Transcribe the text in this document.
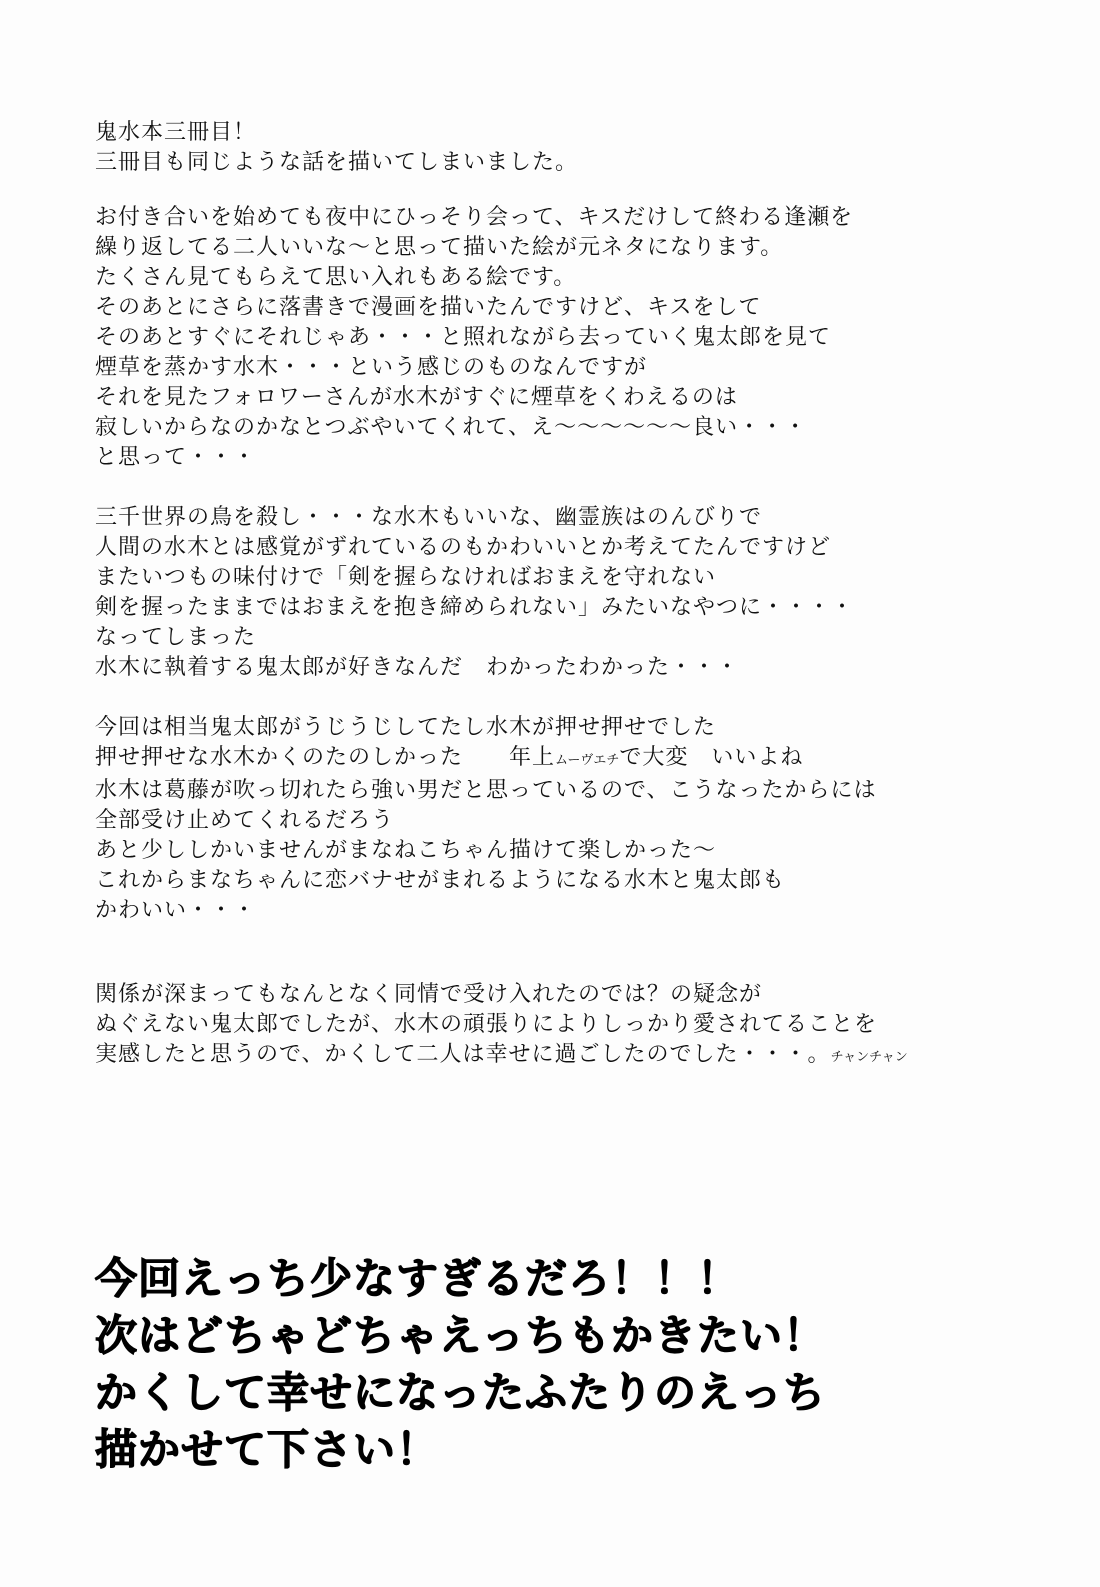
鬼水本三冊目！
三冊目も同じような話を描いてしまいました。
お付き合いを始めても夜中にひっそり会って、キスだけして終わる逢瀬を
繰り返してる二人いいな〜と思って描いた絵が元ネタになります。
たくさん見てもらえて思い入れもある絵です。
そのあとにさらに落書きで漫画を描いたんですけど、キスをして
そのあとすぐにそれじゃあ・・・と照れながら去っていく鬼太郎を見て
煙草を蒸かす水木・・・という感じのものなんですが
それを見たフォロワーさんが水木がすぐに煙草をくわえるのは
寂しいからなのかなとつぶやいてくれて、え〜〜〜〜〜〜良い・・・
と思って・・・
三千世界の鳥を殺し・・・な水木もいいな、幽霊族はのんびりで
人間の水木とは感覚がずれているのもかわいいとか考えてたんですけど
またいつもの味付けで「剣を握らなければおまえを守れない
剣を握ったままではおまえを抱き締められない」みたいなやつに・・・・
なってしまった
水木に執着する鬼太郎が好きなんだ　わかったわかった・・・
今回は相当鬼太郎がうじうじしてたし水木が押せ押せでした
押せ押せな水木かくのたのしかった　　年上ムーヴエチで大変　いいよね
水木は葛藤が吹っ切れたら強い男だと思っているので、こうなったからには
全部受け止めてくれるだろう
あと少ししかいませんがまなねこちゃん描けて楽しかった〜
これからまなちゃんに恋バナせがまれるようになる水木と鬼太郎も
かわいい・・・
関係が深まってもなんとなく同情で受け入れたのでは？の疑念が
ぬぐえない鬼太郎でしたが、水木の頑張りによりしっかり愛されてることを
実感したと思うので、かくして二人は幸せに過ごしたのでした・・・。チャンチャン
今回えっち少なすぎるだろ！！！
次はどちゃどちゃえっちもかきたい！
かくして幸せになったふたりのえっち
描かせて下さい！
